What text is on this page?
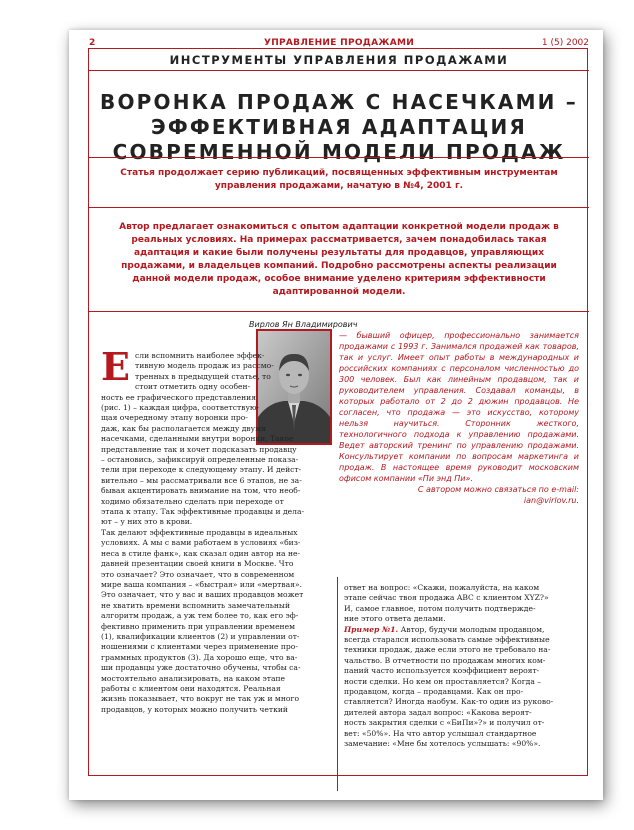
2	УПРАВЛЕНИЕ ПРОДАЖАМИ	1 (5) 2002
ИНСТРУМЕНТЫ УПРАВЛЕНИЯ ПРОДАЖАМИ
ВОРОНКА ПРОДАЖ С НАСЕЧКАМИ –
ЭФФЕКТИВНАЯ АДАПТАЦИЯ
СОВРЕМЕННОЙ МОДЕЛИ ПРОДАЖ
Статья продолжает серию публикаций, посвященных эффективным инструментам
управления продажами, начатую в №4, 2001 г.
Автор предлагает ознакомиться с опытом адаптации конкретной модели продаж в
реальных условиях. На примерах рассматривается, зачем понадобилась такая
адаптация и какие были получены результаты для продавцов, управляющих
продажами, и владельцев компаний. Подробно рассмотрены аспекты реализации
данной модели продаж, особое внимание уделено критериям эффективности
адаптированной модели.
Вирлов Ян Владимирович
— бывший офицер, профессионально занимается продажами с 1993 г. Занимался продажей как товаров, так и услуг. Имеет опыт работы в международных и российских компаниях с персоналом численностью до 300 человек. Был как линейным продавцом, так и руководителем управления. Создавал команды, в которых работало от 2 до 2 дюжин продавцов. Не согласен, что продажа — это искусство, которому нельзя научиться. Сторонник жесткого, технологичного подхода к управлению продажами. Ведет авторский тренинг по управлению продажами. Консультирует компании по вопросам маркетинга и продаж. В настоящее время руководит московским офисом компании «Пи энд Пи».
С автором можно связаться по e-mail:
ian@virlov.ru.
Е сли вспомнить наиболее эффек-
тивную модель продаж из рассмо-
тренных в предыдущей статье, то
стоит отметить одну особен-
ность ее графического представления
(рис. 1) – каждая цифра, соответствую-
щая очередному этапу воронки про-
даж, как бы располагается между двумя
насечками, сделанными внутри воронки. Такое
представление так и хочет подсказать продавцу
– остановись, зафиксируй определенные показа-
тели при переходе к следующему этапу. И дейст-
вительно – мы рассматривали все 6 этапов, не за-
бывая акцентировать внимание на том, что необ-
ходимо обязательно сделать при переходе от
этапа к этапу. Так эффективные продавцы и дела-
ют – у них это в крови.
Так делают эффективные продавцы в идеальных
условиях. А мы с вами работаем в условиях «биз-
неса в стиле фанк», как сказал один автор на не-
давней презентации своей книги в Москве. Что
это означает? Это означает, что в современном
мире ваша компания – «быстрая» или «мертвая».
Это означает, что у вас и ваших продавцов может
не хватить времени вспомнить замечательный
алгоритм продаж, а уж тем более то, как его эф-
фективно применить при управлении временем
(1), квалификации клиентов (2) и управлении от-
ношениями с клиентами через применение про-
граммных продуктов (3). Да хорошо еще, что ва-
ши продавцы уже достаточно обучены, чтобы са-
мостоятельно анализировать, на каком этапе
работы с клиентом они находятся. Реальная
жизнь показывает, что вокруг не так уж и много
продавцов, у которых можно получить четкий
ответ на вопрос: «Скажи, пожалуйста, на каком
этапе сейчас твоя продажа ABC с клиентом XYZ?»
И, самое главное, потом получить подтвержде-
ние этого ответа делами.
Пример №1. Автор, будучи молодым продавцом,
всегда старался использовать самые эффективные
техники продаж, даже если этого не требовало на-
чальство. В отчетности по продажам многих ком-
паний часто используется коэффициент вероят-
ности сделки. Но кем он проставляется? Когда –
продавцом, когда – продавцами. Как он про-
ставляется? Иногда наобум. Как-то один из руково-
дителей автора задал вопрос: «Какова вероят-
ность закрытия сделки с «БиПи»?» и получил от-
вет: «50%». На что автор услышал стандартное
замечание: «Мне бы хотелось услышать: «90%».
